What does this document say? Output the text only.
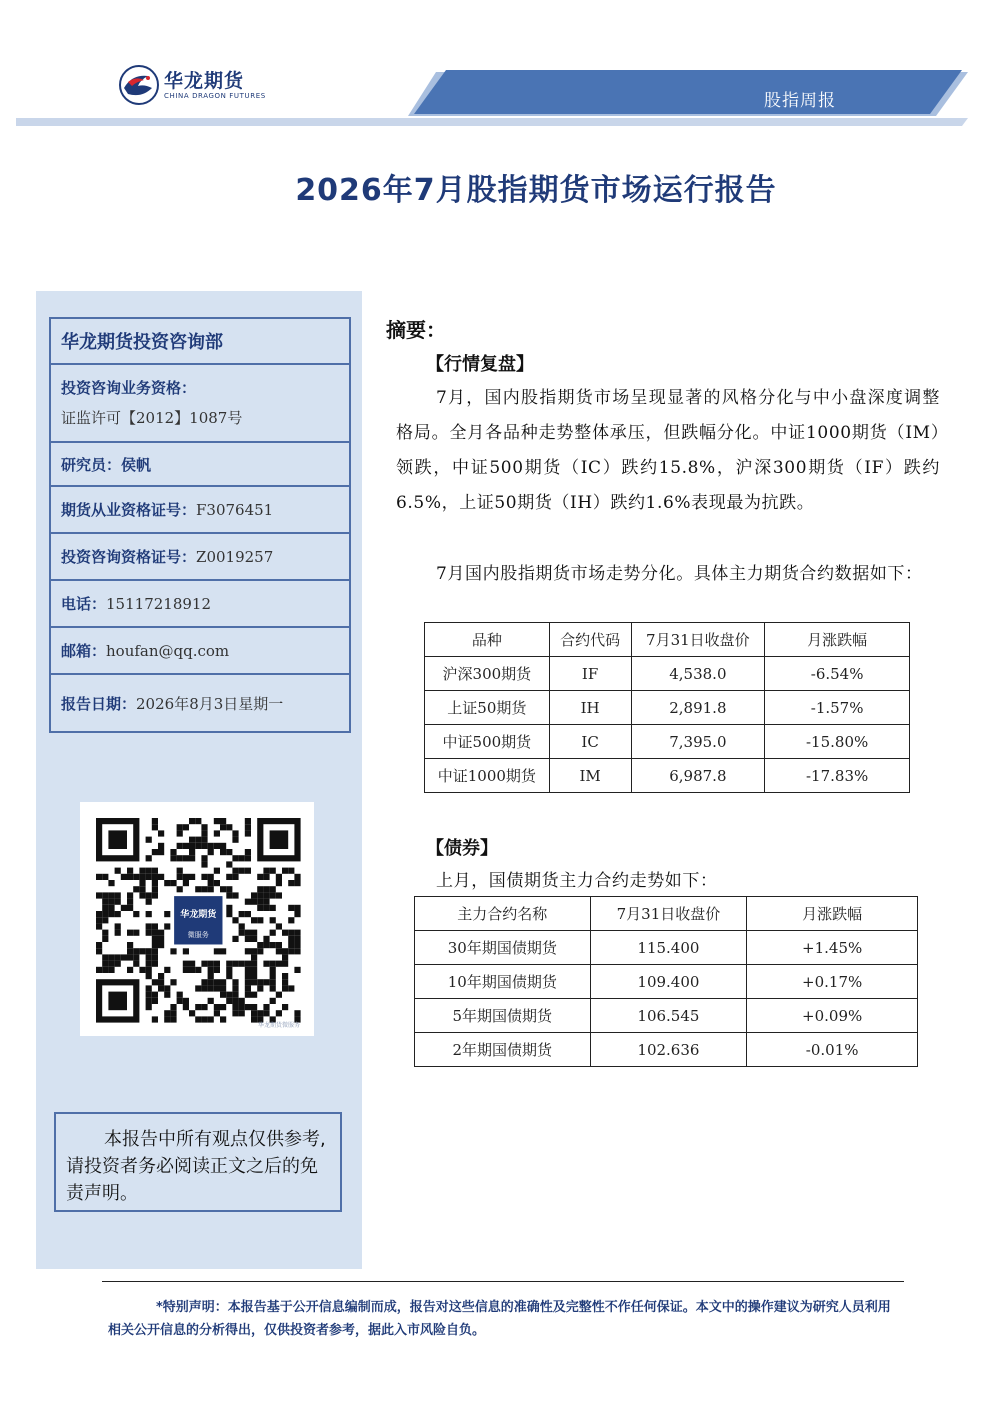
华龙期货
CHINA DRAGON FUTURES	股指周报
2026年7月股指期货市场运行报告
华龙期货投资咨询部
投资咨询业务资格：
证监许可【2012】1087号
研究员：侯帆
期货从业资格证号：F3076451
投资咨询资格证号：Z0019257
电话：15117218912
邮箱：houfan@qq.com
报告日期：2026年8月3日星期一
华龙期货
微服务
华龙期货微服务
本报告中所有观点仅供参考,请投资者务必阅读正文之后的免责声明。
摘要：
【行情复盘】
7月，国内股指期货市场呈现显著的风格分化与中小盘深度调整格局。全月各品种走势整体承压，但跌幅分化。中证1000期货（IM）领跌，中证500期货（IC）跌约15.8%，沪深300期货（IF）跌约6.5%，上证50期货（IH）跌约1.6%表现最为抗跌。
7月国内股指期货市场走势分化。具体主力期货合约数据如下：
品种	合约代码	7月31日收盘价	月涨跌幅
沪深300期货	IF	4,538.0	-6.54%
上证50期货	IH	2,891.8	-1.57%
中证500期货	IC	7,395.0	-15.80%
中证1000期货	IM	6,987.8	-17.83%
【债券】
上月，国债期货主力合约走势如下：
主力合约名称	7月31日收盘价	月涨跌幅
30年期国债期货	115.400	+1.45%
10年期国债期货	109.400	+0.17%
5年期国债期货	106.545	+0.09%
2年期国债期货	102.636	-0.01%
*特别声明：本报告基于公开信息编制而成，报告对这些信息的准确性及完整性不作任何保证。本文中的操作建议为研究人员利用相关公开信息的分析得出，仅供投资者参考，据此入市风险自负。
